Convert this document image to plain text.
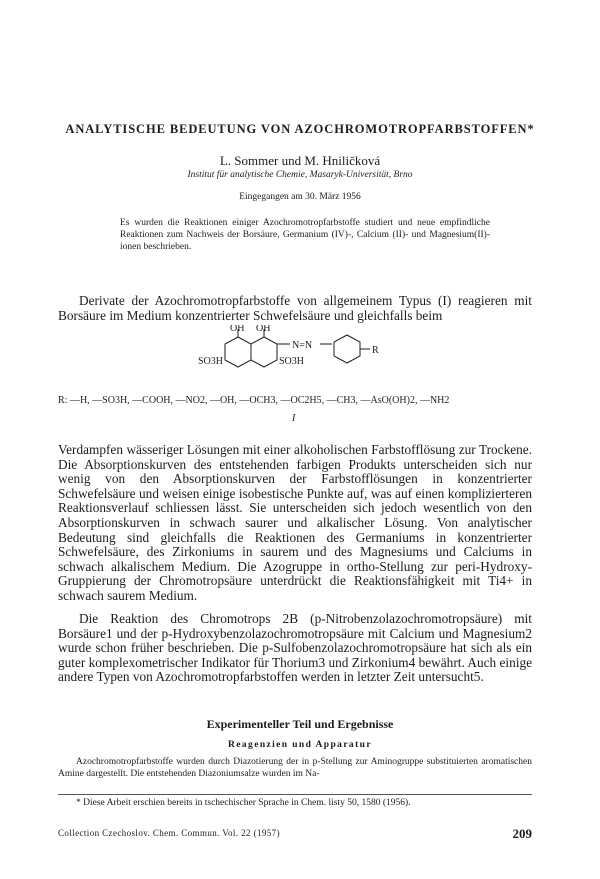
ANALYTISCHE BEDEUTUNG VON AZOCHROMOTROPFARBSTOFFEN*
L. Sommer und M. Hniličková
Institut für analytische Chemie, Masaryk-Universität, Brno
Eingegangen am 30. März 1956

Es wurden die Reaktionen einiger Azochromotropfarbstoffe studiert und neue empfindliche Reaktionen zum Nachweis der Borsäure, Germanium (IV)-, Calcium (II)- und Magnesium(II)-ionen beschrieben.

Derivate der Azochromotropfarbstoffe von allgemeinem Typus (I) reagieren mit Borsäure im Medium konzentrierter Schwefelsäure und gleichfalls beim

OH OH
N=N	R
SO3H	SO3H
R: —H, —SO3H, —COOH, —NO2, —OH, —OCH3, —OC2H5, —CH3, —AsO(OH)2, —NH2
I

Verdampfen wässeriger Lösungen mit einer alkoholischen Farbstofflösung zur Trockene. Die Absorptionskurven des entstehenden farbigen Produkts unterscheiden sich nur wenig von den Absorptionskurven der Farbstofflösungen in konzentrierter Schwefelsäure und weisen einige isobestische Punkte auf, was auf einen komplizierteren Reaktionsverlauf schliessen lässt. Sie unterscheiden sich jedoch wesentlich von den Absorptionskurven in schwach saurer und alkalischer Lösung. Von analytischer Bedeutung sind gleichfalls die Reaktionen des Germaniums in konzentrierter Schwefelsäure, des Zirkoniums in saurem und des Magnesiums und Calciums in schwach alkalischem Medium. Die Azogruppe in ortho-Stellung zur peri-Hydroxy-Gruppierung der Chromotropsäure unterdrückt die Reaktionsfähigkeit mit Ti4+ in schwach saurem Medium.

Die Reaktion des Chromotrops 2B (p-Nitrobenzolazochromotropsäure) mit Borsäure1 und der p-Hydroxybenzolazochromotropsäure mit Calcium und Magnesium2 wurde schon früher beschrieben. Die p-Sulfobenzolazochromotropsäure hat sich als ein guter komplexometrischer Indikator für Thorium3 und Zirkonium4 bewährt. Auch einige andere Typen von Azochromotropfarbstoffen werden in letzter Zeit untersucht5.

Experimenteller Teil und Ergebnisse
Reagenzien und Apparatur

Azochromotropfarbstoffe wurden durch Diazotierung der in p-Stellung zur Aminogruppe substituierten aromatischen Amine dargestellt. Die entstehenden Diazoniumsalze wurden im Na-

* Diese Arbeit erschien bereits in tschechischer Sprache in Chem. listy 50, 1580 (1956).
Collection Czechoslov. Chem. Commun. Vol. 22 (1957)	209
